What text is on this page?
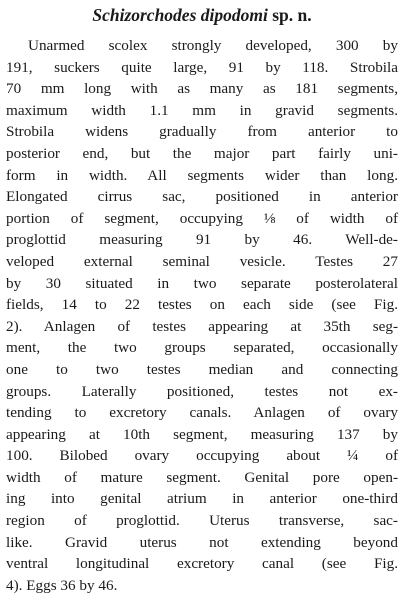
Schizorchodes dipodomi sp. n.
Unarmed scolex strongly developed, 300 by
191, suckers quite large, 91 by 118. Strobila
70 mm long with as many as 181 segments,
maximum width 1.1 mm in gravid segments.
Strobila widens gradually from anterior to
posterior end, but the major part fairly uni-
form in width. All segments wider than long.
Elongated cirrus sac, positioned in anterior
portion of segment, occupying ⅛ of width of
proglottid measuring 91 by 46. Well-de-
veloped external seminal vesicle. Testes 27
by 30 situated in two separate posterolateral
fields, 14 to 22 testes on each side (see Fig.
2). Anlagen of testes appearing at 35th seg-
ment, the two groups separated, occasionally
one to two testes median and connecting
groups. Laterally positioned, testes not ex-
tending to excretory canals. Anlagen of ovary
appearing at 10th segment, measuring 137 by
100. Bilobed ovary occupying about ¼ of
width of mature segment. Genital pore open-
ing into genital atrium in anterior one-third
region of proglottid. Uterus transverse, sac-
like. Gravid uterus not extending beyond
ventral longitudinal excretory canal (see Fig.
4). Eggs 36 by 46.
